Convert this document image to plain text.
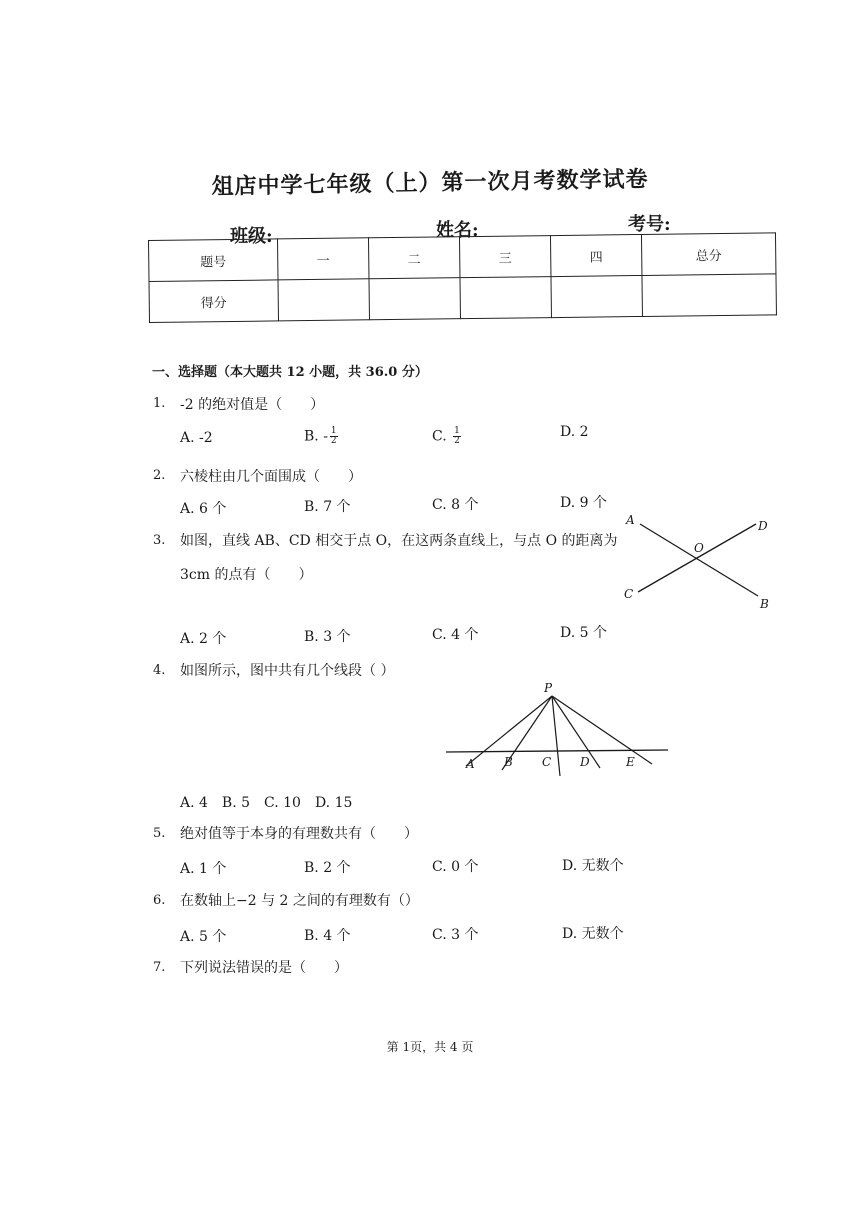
俎店中学七年级（上）第一次月考数学试卷
班级:	姓名:	考号:
题号	一	二	三	四	总分
得分					
一、选择题（本大题共 12 小题，共 36.0 分）
1. -2 的绝对值是（　　）
A. -2	B. - $\frac{1}{2}$	C. $\frac{1}{2}$	D. 2
2. 六棱柱由几个面围成（　　）
A. 6 个	B. 7 个	C. 8 个	D. 9 个
3. 如图，直线 AB、CD 相交于点 O，在这两条直线上，与点 O 的距离为
3cm 的点有（　　）
A. 2 个	B. 3 个	C. 4 个	D. 5 个
A
B
C
D
O
4. 如图所示，图中共有几个线段（ ）
A. 4　B. 5　C. 10　D. 15
P
A B C D	E
5. 绝对值等于本身的有理数共有（　　）
A. 1 个	B. 2 个	C. 0 个	D. 无数个
6. 在数轴上−2 与 2 之间的有理数有（）
A. 5 个	B. 4 个	C. 3 个	D. 无数个
7. 下列说法错误的是（　　）
第 1页，共 4 页
